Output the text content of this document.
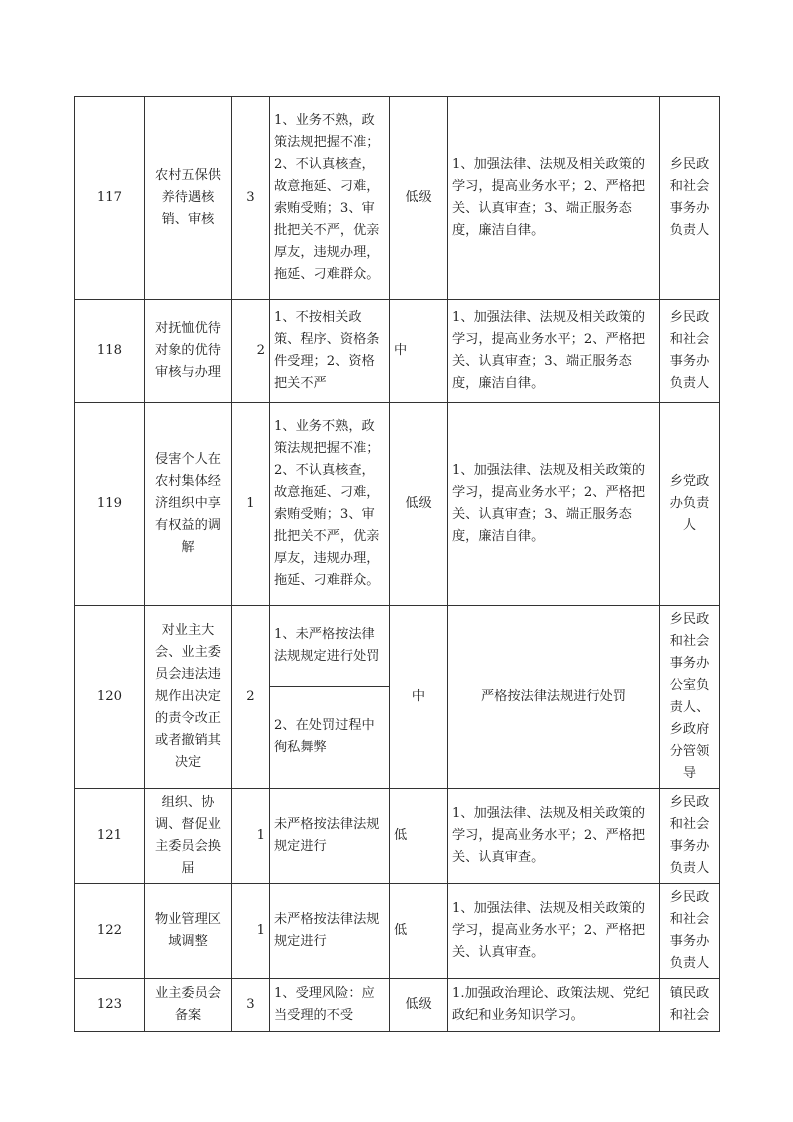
117	农村五保供养待遇核销、审核	3	1、业务不熟，政策法规把握不准；2、不认真核查，故意拖延、刁难，索贿受贿；3、审批把关不严，优亲厚友，违规办理，拖延、刁难群众。	低级	1、加强法律、法规及相关政策的学习，提高业务水平；2、严格把关、认真审查；3、端正服务态度，廉洁自律。	乡民政和社会事务办负责人
118	对抚恤优待对象的优待审核与办理	2	1、不按相关政策、程序、资格条件受理；2、资格把关不严	中	1、加强法律、法规及相关政策的学习，提高业务水平；2、严格把关、认真审查；3、端正服务态度，廉洁自律。	乡民政和社会事务办负责人
119	侵害个人在农村集体经济组织中享有权益的调解	1	1、业务不熟，政策法规把握不准；2、不认真核查，故意拖延、刁难，索贿受贿；3、审批把关不严，优亲厚友，违规办理，拖延、刁难群众。	低级	1、加强法律、法规及相关政策的学习，提高业务水平；2、严格把关、认真审查；3、端正服务态度，廉洁自律。	乡党政办负责人
120	对业主大会、业主委员会违法违规作出决定的责令改正或者撤销其决定	2	1、未严格按法律法规规定进行处罚	中	严格按法律法规进行处罚	乡民政和社会事务办公室负责人、乡政府分管领导
			2、在处罚过程中徇私舞弊			
121	组织、协调、督促业主委员会换届	1	未严格按法律法规规定进行	低	1、加强法律、法规及相关政策的学习，提高业务水平；2、严格把关、认真审查。	乡民政和社会事务办负责人
122	物业管理区域调整	1	未严格按法律法规规定进行	低	1、加强法律、法规及相关政策的学习，提高业务水平；2、严格把关、认真审查。	乡民政和社会事务办负责人
123	业主委员会备案	3	1、受理风险：应当受理的不受	低级	1.加强政治理论、政策法规、党纪政纪和业务知识学习。	镇民政和社会
